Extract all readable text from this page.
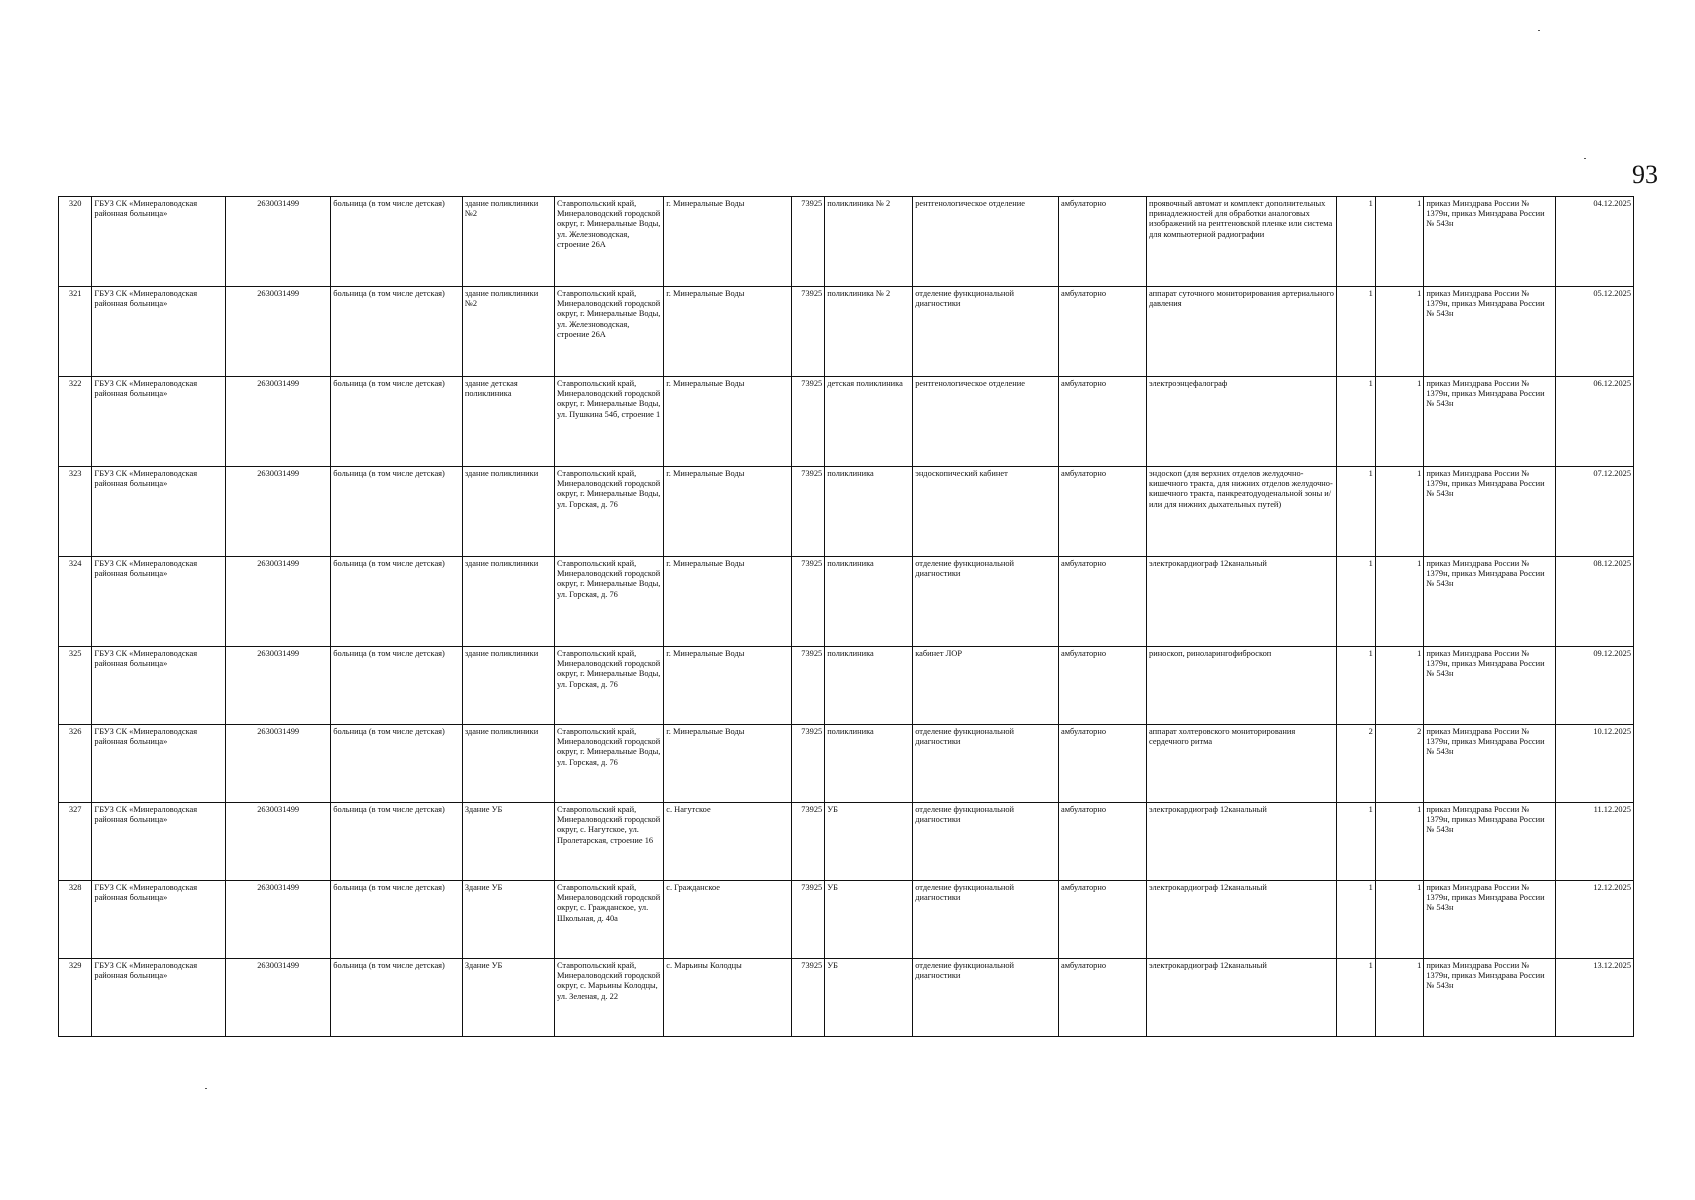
93
320	ГБУЗ СК «Минераловодская районная больница»	2630031499	больница (в том числе детская)	здание поликлиники №2	Ставропольский край, Минераловодский городской округ, г. Минеральные Воды, ул. Железноводская, строение 26А	г. Минеральные Воды	73925	поликлиника № 2	рентгенологическое отделение	амбулаторно	проявочный автомат и комплект дополнительных принадлежностей для обработки аналоговых изображений на рентгеновской пленке или система для компьютерной радиографии	1	1	приказ Минздрава России № 1379н, приказ Минздрава России № 543н	04.12.2025
321	ГБУЗ СК «Минераловодская районная больница»	2630031499	больница (в том числе детская)	здание поликлиники №2	Ставропольский край, Минераловодский городской округ, г. Минеральные Воды, ул. Железноводская, строение 26А	г. Минеральные Воды	73925	поликлиника № 2	отделение функциональной диагностики	амбулаторно	аппарат суточного мониторирования артериального давления	1	1	приказ Минздрава России № 1379н, приказ Минздрава России № 543н	05.12.2025
322	ГБУЗ СК «Минераловодская районная больница»	2630031499	больница (в том числе детская)	здание детская поликлиника	Ставропольский край, Минераловодский городской округ, г. Минеральные Воды, ул. Пушкина 54б, строение 1	г. Минеральные Воды	73925	детская поликлиника	рентгенологическое отделение	амбулаторно	электроэнцефалограф	1	1	приказ Минздрава России № 1379н, приказ Минздрава России № 543н	06.12.2025
323	ГБУЗ СК «Минераловодская районная больница»	2630031499	больница (в том числе детская)	здание поликлиники	Ставропольский край, Минераловодский городской округ, г. Минеральные Воды, ул. Горская, д. 76	г. Минеральные Воды	73925	поликлиника	эндоскопический кабинет	амбулаторно	эндоскоп (для верхних отделов желудочно-кишечного тракта, для нижних отделов желудочно-кишечного тракта, панкреатодуоденальной зоны и/или для нижних дыхательных путей)	1	1	приказ Минздрава России № 1379н, приказ Минздрава России № 543н	07.12.2025
324	ГБУЗ СК «Минераловодская районная больница»	2630031499	больница (в том числе детская)	здание поликлиники	Ставропольский край, Минераловодский городской округ, г. Минеральные Воды, ул. Горская, д. 76	г. Минеральные Воды	73925	поликлиника	отделение функциональной диагностики	амбулаторно	электрокардиограф 12канальный	1	1	приказ Минздрава России № 1379н, приказ Минздрава России № 543н	08.12.2025
325	ГБУЗ СК «Минераловодская районная больница»	2630031499	больница (в том числе детская)	здание поликлиники	Ставропольский край, Минераловодский городской округ, г. Минеральные Воды, ул. Горская, д. 76	г. Минеральные Воды	73925	поликлиника	кабинет ЛОР	амбулаторно	риноскоп, риноларингофиброскоп	1	1	приказ Минздрава России № 1379н, приказ Минздрава России № 543н	09.12.2025
326	ГБУЗ СК «Минераловодская районная больница»	2630031499	больница (в том числе детская)	здание поликлиники	Ставропольский край, Минераловодский городской округ, г. Минеральные Воды, ул. Горская, д. 76	г. Минеральные Воды	73925	поликлиника	отделение функциональной диагностики	амбулаторно	аппарат холтеровского мониторирования сердечного ритма	2	2	приказ Минздрава России № 1379н, приказ Минздрава России № 543н	10.12.2025
327	ГБУЗ СК «Минераловодская районная больница»	2630031499	больница (в том числе детская)	Здание УБ	Ставропольский край, Минераловодский городской округ, с. Нагутское, ул. Пролетарская, строение 16	с. Нагутское	73925	УБ	отделение функциональной диагностики	амбулаторно	электрокардиограф 12канальный	1	1	приказ Минздрава России № 1379н, приказ Минздрава России № 543н	11.12.2025
328	ГБУЗ СК «Минераловодская районная больница»	2630031499	больница (в том числе детская)	Здание УБ	Ставропольский край, Минераловодский городской округ, с. Гражданское, ул. Школьная, д. 40а	с. Гражданское	73925	УБ	отделение функциональной диагностики	амбулаторно	электрокардиограф 12канальный	1	1	приказ Минздрава России № 1379н, приказ Минздрава России № 543н	12.12.2025
329	ГБУЗ СК «Минераловодская районная больница»	2630031499	больница (в том числе детская)	Здание УБ	Ставропольский край, Минераловодский городской округ, с. Марьины Колодцы, ул. Зеленая, д. 22	с. Марьины Колодцы	73925	УБ	отделение функциональной диагностики	амбулаторно	электрокардиограф 12канальный	1	1	приказ Минздрава России № 1379н, приказ Минздрава России № 543н	13.12.2025
